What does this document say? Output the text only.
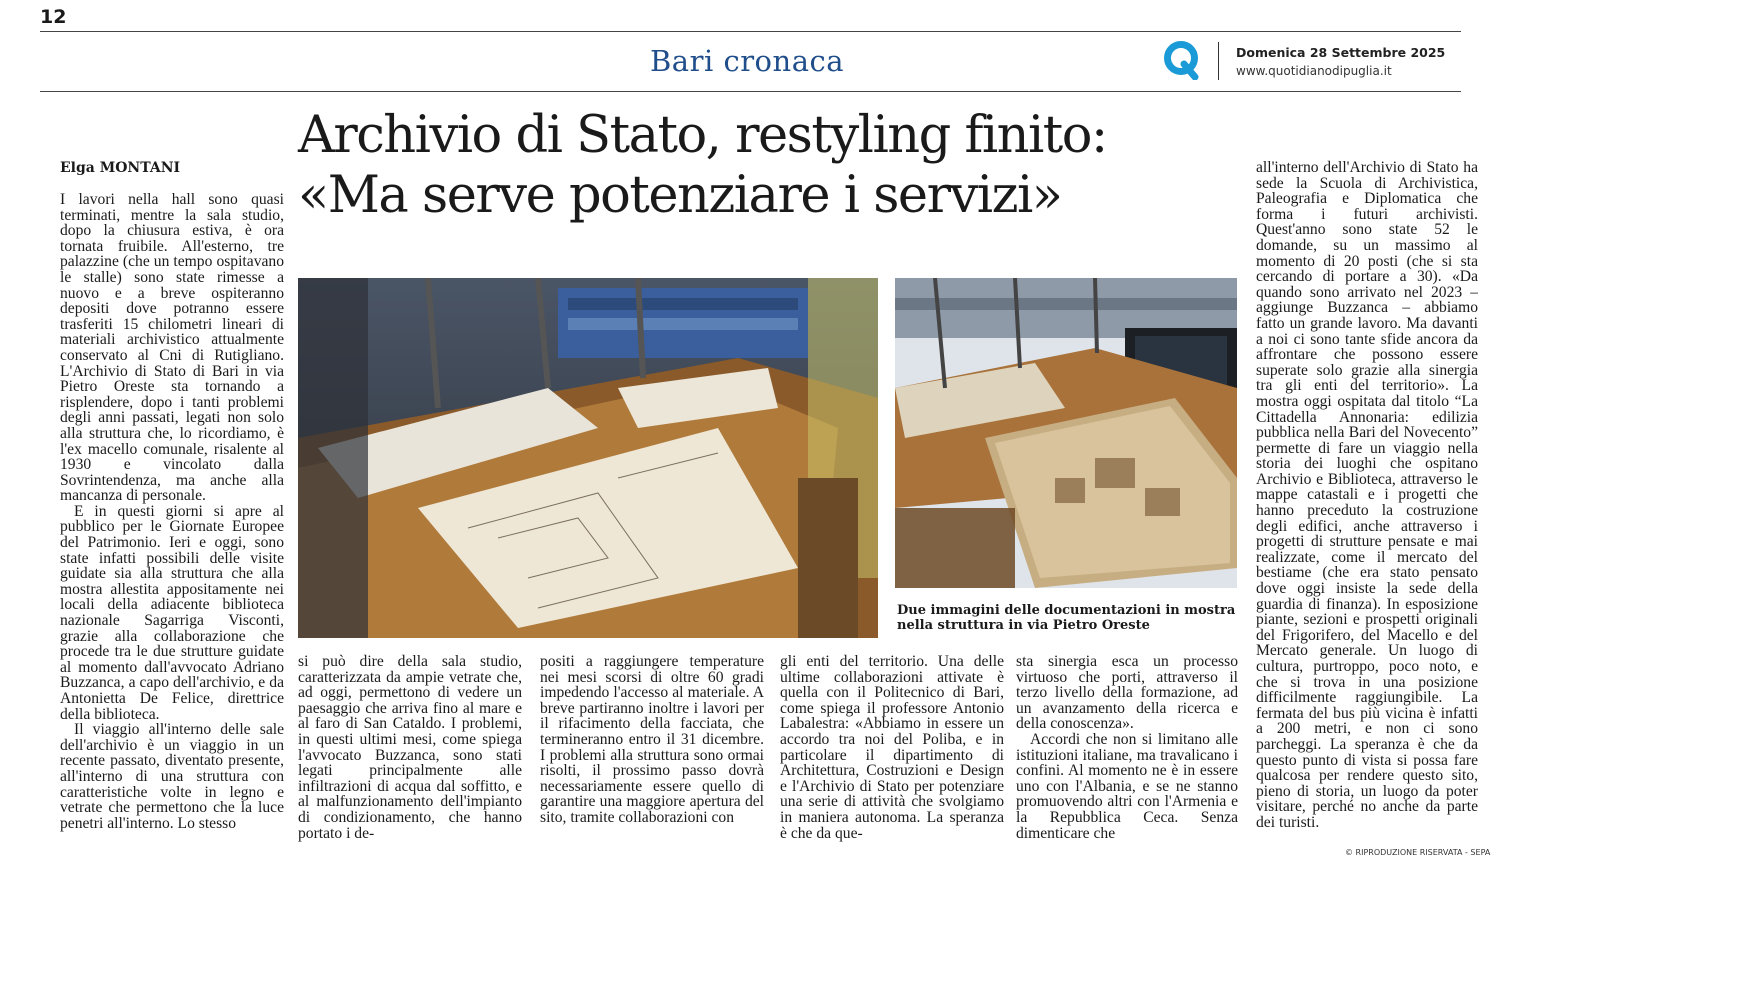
12
Bari cronaca	Domenica 28 Settembre 2025
www.quotidianodipuglia.it
Archivio di Stato, restyling finito:
«Ma serve potenziare i servizi»
Elga MONTANI

I lavori nella hall sono quasi terminati, mentre la sala studio, dopo la chiusura estiva, è ora tornata fruibile. All'esterno, tre palazzine (che un tempo ospitavano le stalle) sono state rimesse a nuovo e a breve ospiteranno depositi dove potranno essere trasferiti 15 chilometri lineari di materiali archivistico attualmente conservato al Cni di Rutigliano. L'Archivio di Stato di Bari in via Pietro Oreste sta tornando a risplendere, dopo i tanti problemi degli anni passati, legati non solo alla struttura che, lo ricordiamo, è l'ex macello comunale, risalente al 1930 e vincolato dalla Sovrintendenza, ma anche alla mancanza di personale.

E in questi giorni si apre al pubblico per le Giornate Europee del Patrimonio. Ieri e oggi, sono state infatti possibili delle visite guidate sia alla struttura che alla mostra allestita appositamente nei locali della adiacente biblioteca nazionale Sagarriga Visconti, grazie alla collaborazione che procede tra le due strutture guidate al momento dall'avvocato Adriano Buzzanca, a capo dell'archivio, e da Antonietta De Felice, direttrice della biblioteca.

Il viaggio all'interno delle sale dell'archivio è un viaggio in un recente passato, diventato presente, all'interno di una struttura con caratteristiche volte in legno e vetrate che permettono che la luce penetri all'interno. Lo stesso

Due immagini delle documentazioni in mostra nella struttura in via Pietro Oreste

si può dire della sala studio, caratterizzata da ampie vetrate che, ad oggi, permettono di vedere un paesaggio che arriva fino al mare e al faro di San Cataldo. I problemi, in questi ultimi mesi, come spiega l'avvocato Buzzanca, sono stati legati principalmente alle infiltrazioni di acqua dal soffitto, e al malfunzionamento dell'impianto di condizionamento, che hanno portato i de-

positi a raggiungere temperature nei mesi scorsi di oltre 60 gradi impedendo l'accesso al materiale. A breve partiranno inoltre i lavori per il rifacimento della facciata, che termineranno entro il 31 dicembre. I problemi alla struttura sono ormai risolti, il prossimo passo dovrà necessariamente essere quello di garantire una maggiore apertura del sito, tramite collaborazioni con

gli enti del territorio. Una delle ultime collaborazioni attivate è quella con il Politecnico di Bari, come spiega il professore Antonio Labalestra: «Abbiamo in essere un accordo tra noi del Poliba, e in particolare il dipartimento di Architettura, Costruzioni e Design e l'Archivio di Stato per potenziare una serie di attività che svolgiamo in maniera autonoma. La speranza è che da que-

sta sinergia esca un processo virtuoso che porti, attraverso il terzo livello della formazione, ad un avanzamento della ricerca e della conoscenza».

Accordi che non si limitano alle istituzioni italiane, ma travalicano i confini. Al momento ne è in essere uno con l'Albania, e se ne stanno promuovendo altri con l'Armenia e la Repubblica Ceca. Senza dimenticare che

all'interno dell'Archivio di Stato ha sede la Scuola di Archivistica, Paleografia e Diplomatica che forma i futuri archivisti. Quest'anno sono state 52 le domande, su un massimo al momento di 20 posti (che si sta cercando di portare a 30). «Da quando sono arrivato nel 2023 – aggiunge Buzzanca – abbiamo fatto un grande lavoro. Ma davanti a noi ci sono tante sfide ancora da affrontare che possono essere superate solo grazie alla sinergia tra gli enti del territorio». La mostra oggi ospitata dal titolo “La Cittadella Annonaria: edilizia pubblica nella Bari del Novecento” permette di fare un viaggio nella storia dei luoghi che ospitano Archivio e Biblioteca, attraverso le mappe catastali e i progetti che hanno preceduto la costruzione degli edifici, anche attraverso i progetti di strutture pensate e mai realizzate, come il mercato del bestiame (che era stato pensato dove oggi insiste la sede della guardia di finanza). In esposizione piante, sezioni e prospetti originali del Frigorifero, del Macello e del Mercato generale. Un luogo di cultura, purtroppo, poco noto, e che si trova in una posizione difficilmente raggiungibile. La fermata del bus più vicina è infatti a 200 metri, e non ci sono parcheggi. La speranza è che da questo punto di vista si possa fare qualcosa per rendere questo sito, pieno di storia, un luogo da poter visitare, perché no anche da parte dei turisti.

© RIPRODUZIONE RISERVATA - SEPA
